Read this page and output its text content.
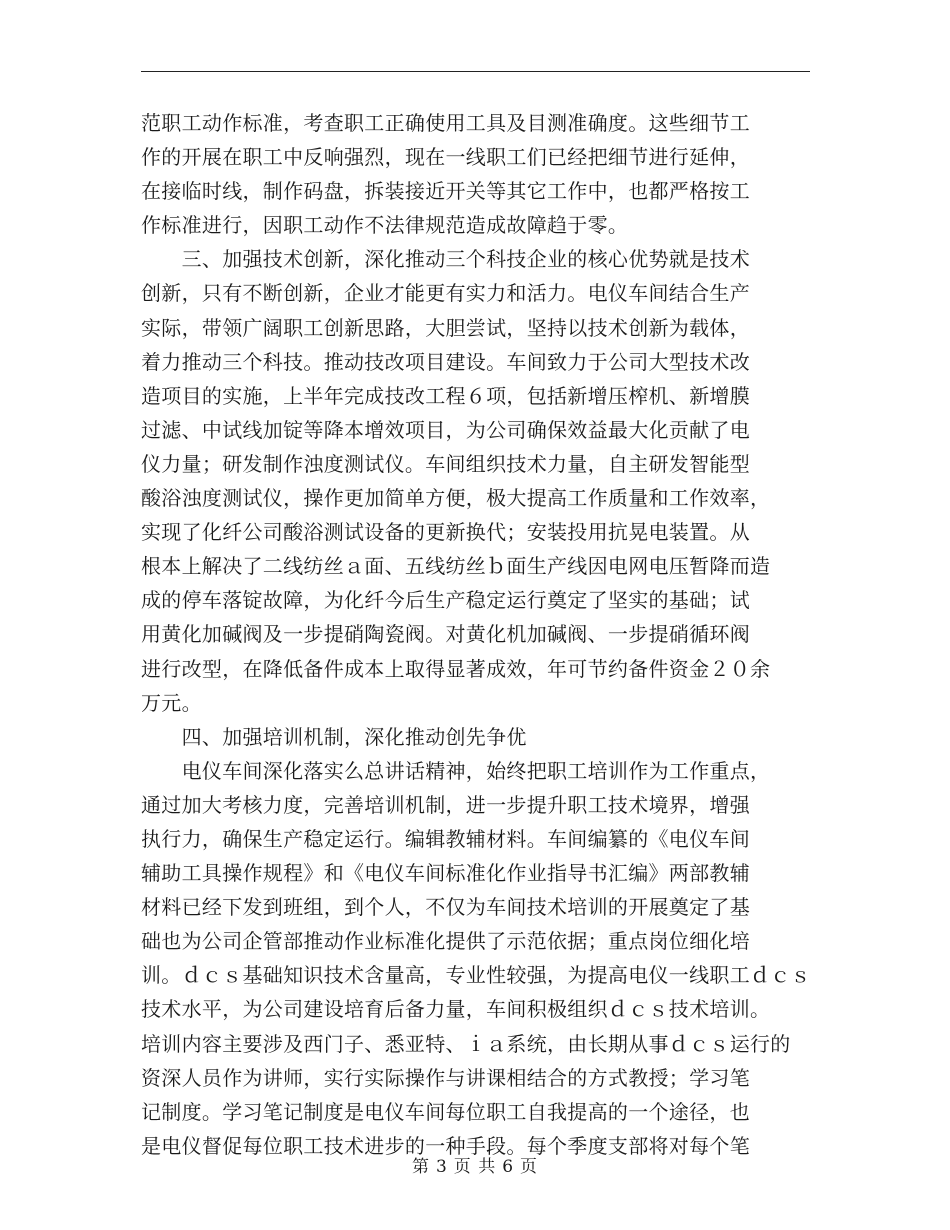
范职工动作标准，考查职工正确使用工具及目测准确度。这些细节工
作的开展在职工中反响强烈，现在一线职工们已经把细节进行延伸，
在接临时线，制作码盘，拆装接近开关等其它工作中，也都严格按工
作标准进行，因职工动作不法律规范造成故障趋于零。
　　三、加强技术创新，深化推动三个科技企业的核心优势就是技术
创新，只有不断创新，企业才能更有实力和活力。电仪车间结合生产
实际，带领广阔职工创新思路，大胆尝试，坚持以技术创新为载体，
着力推动三个科技。推动技改项目建设。车间致力于公司大型技术改
造项目的实施，上半年完成技改工程６项，包括新增压榨机、新增膜
过滤、中试线加锭等降本增效项目，为公司确保效益最大化贡献了电
仪力量；研发制作浊度测试仪。车间组织技术力量，自主研发智能型
酸浴浊度测试仪，操作更加简单方便，极大提高工作质量和工作效率，
实现了化纤公司酸浴测试设备的更新换代；安装投用抗晃电装置。从
根本上解决了二线纺丝ａ面、五线纺丝ｂ面生产线因电网电压暂降而造
成的停车落锭故障，为化纤今后生产稳定运行奠定了坚实的基础；试
用黄化加碱阀及一步提硝陶瓷阀。对黄化机加碱阀、一步提硝循环阀
进行改型，在降低备件成本上取得显著成效，年可节约备件资金２０余
万元。
　　四、加强培训机制，深化推动创先争优
　　电仪车间深化落实么总讲话精神，始终把职工培训作为工作重点，
通过加大考核力度，完善培训机制，进一步提升职工技术境界，增强
执行力，确保生产稳定运行。编辑教辅材料。车间编纂的《电仪车间
辅助工具操作规程》和《电仪车间标准化作业指导书汇编》两部教辅
材料已经下发到班组，到个人，不仅为车间技术培训的开展奠定了基
础也为公司企管部推动作业标准化提供了示范依据；重点岗位细化培
训。ｄｃｓ基础知识技术含量高，专业性较强，为提高电仪一线职工ｄｃｓ
技术水平，为公司建设培育后备力量，车间积极组织ｄｃｓ技术培训。
培训内容主要涉及西门子、悉亚特、ｉａ系统，由长期从事ｄｃｓ运行的
资深人员作为讲师，实行实际操作与讲课相结合的方式教授；学习笔
记制度。学习笔记制度是电仪车间每位职工自我提高的一个途径，也
是电仪督促每位职工技术进步的一种手段。每个季度支部将对每个笔
第 3 页 共 6 页
